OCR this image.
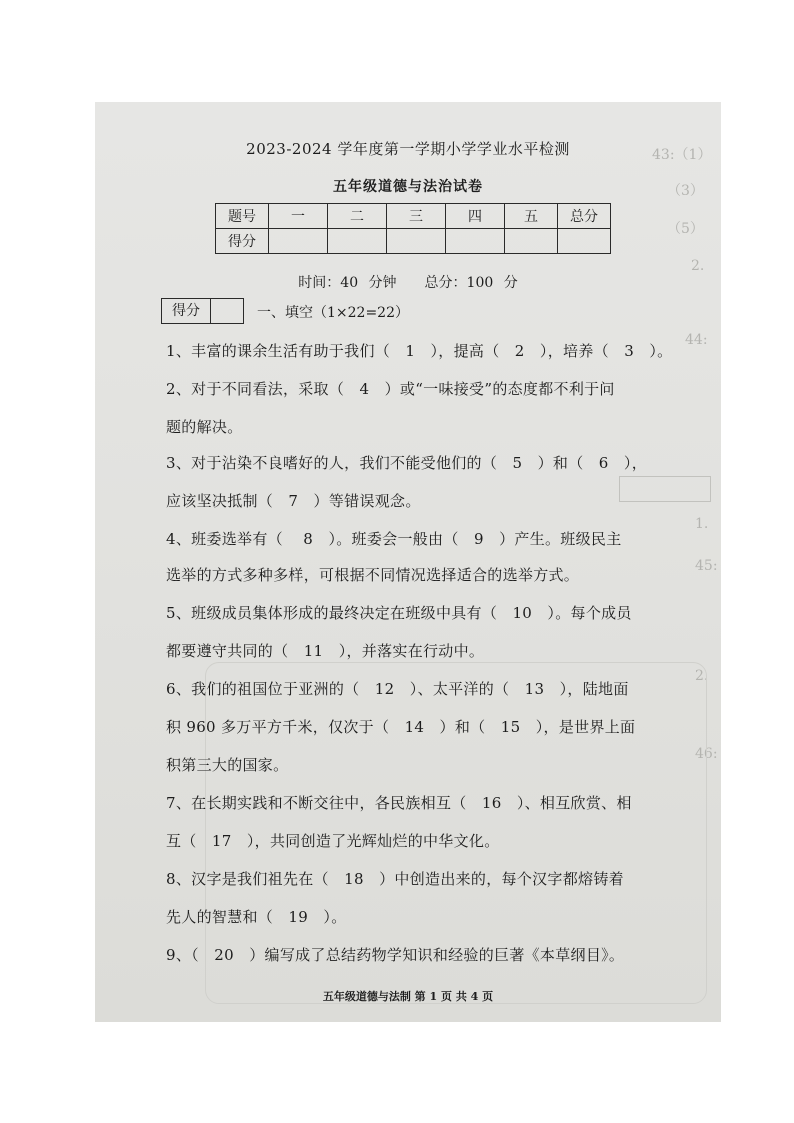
43:（1）
（3）
（5）
2.
44:
1.
45:
2.
46:
2023-2024 学年度第一学期小学学业水平检测
五年级道德与法治试卷
题号	一	二	三	四	五	总分
得分						
时间：40 分钟　　总分：100 分
得分	一、填空（1×22=22）
1、丰富的课余生活有助于我们（　1　），提高（　2　），培养（　3　）。
2、对于不同看法，采取（　4　）或“一味接受”的态度都不利于问
题的解决。
3、对于沾染不良嗜好的人，我们不能受他们的（　5　）和（　6　），
应该坚决抵制（　7　）等错误观念。
4、班委选举有（　 8　）。班委会一般由（　9　）产生。班级民主
选举的方式多种多样，可根据不同情况选择适合的选举方式。
5、班级成员集体形成的最终决定在班级中具有（　10　）。每个成员
都要遵守共同的（　11　），并落实在行动中。
6、我们的祖国位于亚洲的（　12　）、太平洋的（　13　），陆地面
积 960 多万平方千米，仅次于（　14　）和（　15　），是世界上面
积第三大的国家。
7、在长期实践和不断交往中，各民族相互（　16　）、相互欣赏、相
互（　17　），共同创造了光辉灿烂的中华文化。
8、汉字是我们祖先在（　18　）中创造出来的，每个汉字都熔铸着
先人的智慧和（　19　）。
9、（　20　）编写成了总结药物学知识和经验的巨著《本草纲目》。
五年级道德与法制 第 1 页 共 4 页
